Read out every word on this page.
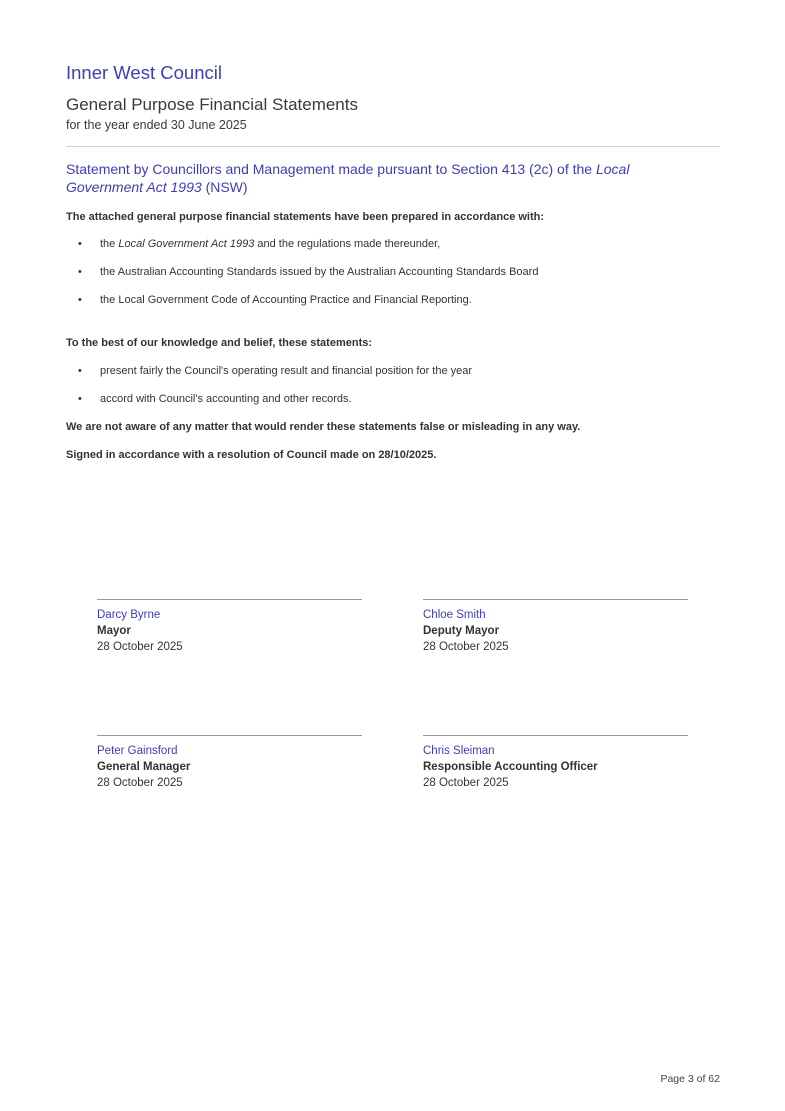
Inner West Council
General Purpose Financial Statements
for the year ended 30 June 2025
Statement by Councillors and Management made pursuant to Section 413 (2c) of the Local
Government Act 1993 (NSW)
The attached general purpose financial statements have been prepared in accordance with:
• the Local Government Act 1993 and the regulations made thereunder,
• the Australian Accounting Standards issued by the Australian Accounting Standards Board
• the Local Government Code of Accounting Practice and Financial Reporting.
To the best of our knowledge and belief, these statements:
• present fairly the Council's operating result and financial position for the year
• accord with Council's accounting and other records.
We are not aware of any matter that would render these statements false or misleading in any way.
Signed in accordance with a resolution of Council made on 28/10/2025.
Darcy Byrne
Mayor
28 October 2025
Chloe Smith
Deputy Mayor
28 October 2025
Peter Gainsford
General Manager
28 October 2025
Chris Sleiman
Responsible Accounting Officer
28 October 2025
Page 3 of 62
